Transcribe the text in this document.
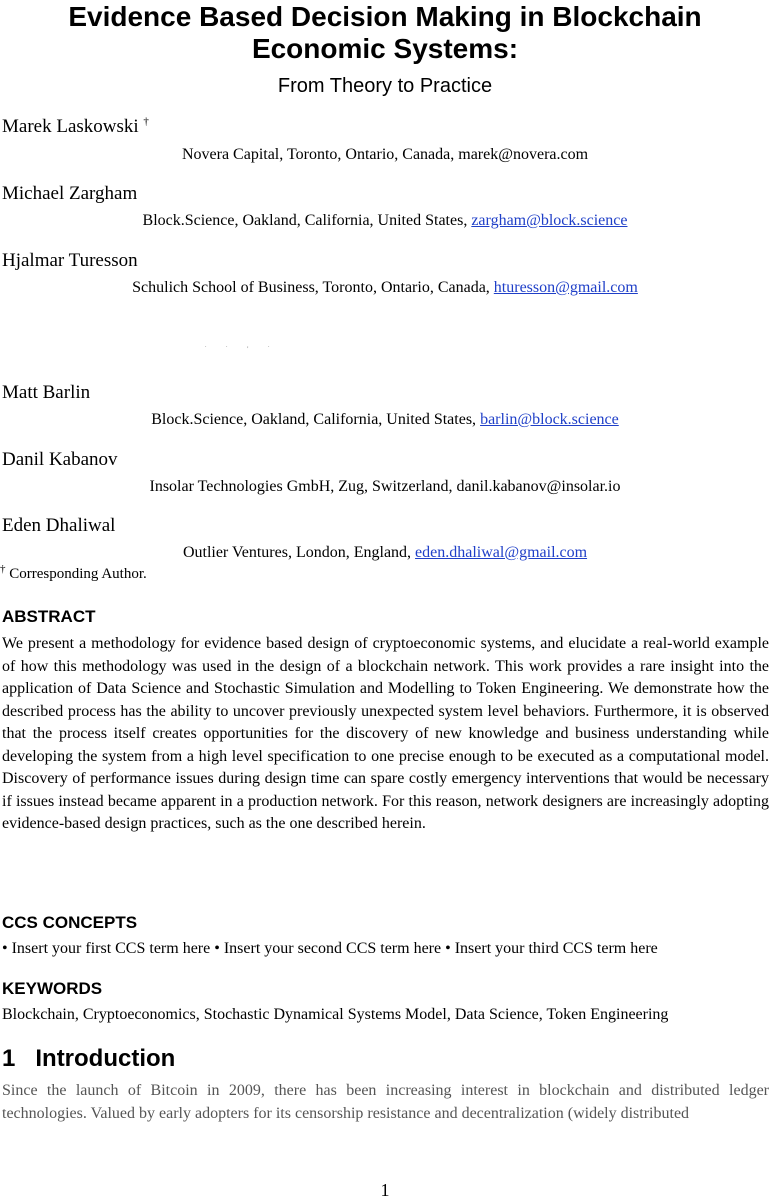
Evidence Based Decision Making in Blockchain
Economic Systems:
From Theory to Practice
Marek Laskowski †
Novera Capital, Toronto, Ontario, Canada, marek@novera.com
Michael Zargham
Block.Science, Oakland, California, United States, zargham@block.science
Hjalmar Turesson
Schulich School of Business, Toronto, Ontario, Canada, hturesson@gmail.com
. . , .
Matt Barlin
Block.Science, Oakland, California, United States, barlin@block.science
Danil Kabanov
Insolar Technologies GmbH, Zug, Switzerland, danil.kabanov@insolar.io
Eden Dhaliwal
Outlier Ventures, London, England, eden.dhaliwal@gmail.com
† Corresponding Author.
ABSTRACT
We present a methodology for evidence based design of cryptoeconomic systems, and elucidate a real-world example of how this methodology was used in the design of a blockchain network. This work provides a rare insight into the application of Data Science and Stochastic Simulation and Modelling to Token Engineering. We demonstrate how the described process has the ability to uncover previously unexpected system level behaviors. Furthermore, it is observed that the process itself creates opportunities for the discovery of new knowledge and business understanding while developing the system from a high level specification to one precise enough to be executed as a computational model. Discovery of performance issues during design time can spare costly emergency interventions that would be necessary if issues instead became apparent in a production network. For this reason, network designers are increasingly adopting evidence-based design practices, such as the one described herein.
CCS CONCEPTS
• Insert your first CCS term here • Insert your second CCS term here • Insert your third CCS term here
KEYWORDS
Blockchain, Cryptoeconomics, Stochastic Dynamical Systems Model, Data Science, Token Engineering
1 Introduction
Since the launch of Bitcoin in 2009, there has been increasing interest in blockchain and distributed ledger technologies. Valued by early adopters for its censorship resistance and decentralization (widely distributed
1
